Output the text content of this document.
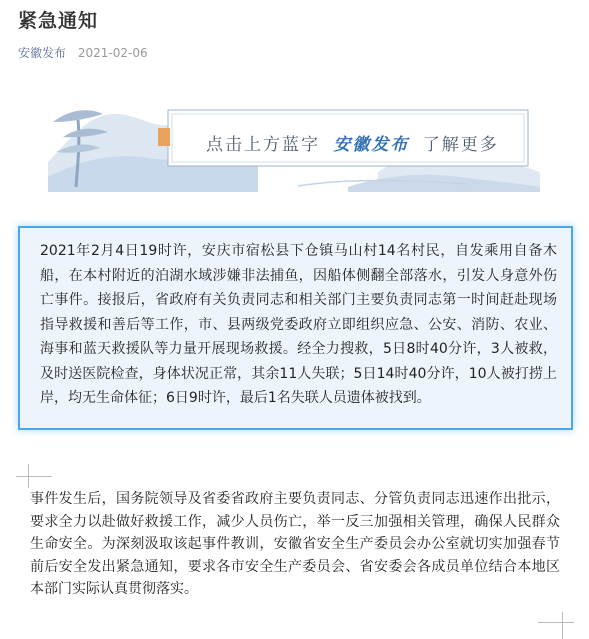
紧急通知
安徽发布 2021-02-06
点击上方蓝字 安徽发布 了解更多

2021年2月4日19时许，安庆市宿松县下仓镇马山村14名村民，自发乘用自备木船，在本村附近的泊湖水域涉嫌非法捕鱼，因船体侧翻全部落水，引发人身意外伤亡事件。接报后，省政府有关负责同志和相关部门主要负责同志第一时间赶赴现场指导救援和善后等工作，市、县两级党委政府立即组织应急、公安、消防、农业、海事和蓝天救援队等力量开展现场救援。经全力搜救，5日8时40分许，3人被救，及时送医院检查，身体状况正常，其余11人失联；5日14时40分许，10人被打捞上岸，均无生命体征；6日9时许，最后1名失联人员遗体被找到。

事件发生后，国务院领导及省委省政府主要负责同志、分管负责同志迅速作出批示，要求全力以赴做好救援工作，减少人员伤亡，举一反三加强相关管理，确保人民群众生命安全。为深刻汲取该起事件教训，安徽省安全生产委员会办公室就切实加强春节前后安全发出紧急通知，要求各市安全生产委员会、省安委会各成员单位结合本地区本部门实际认真贯彻落实。
